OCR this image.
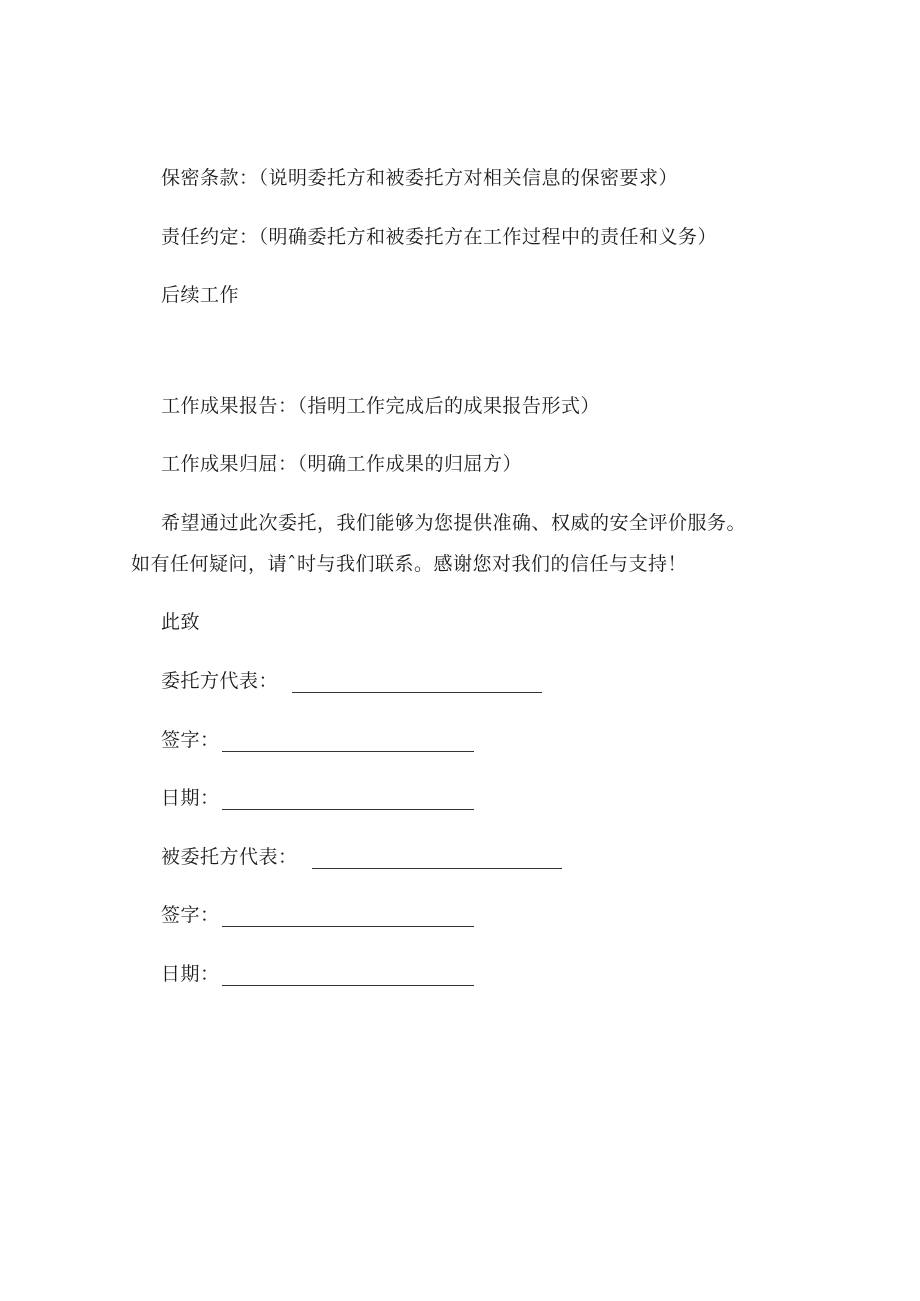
保密条款：（说明委托方和被委托方对相关信息的保密要求）
责任约定：（明确委托方和被委托方在工作过程中的责任和义务）
后续工作
工作成果报告：（指明工作完成后的成果报告形式）
工作成果归屈：（明确工作成果的归屈方）
希望通过此次委托，我们能够为您提供准确、权威的安全评价服务。
如有任何疑问，请ˆ时与我们联系。感谢您对我们的信任与支持！
此致
委托方代表：
签字：
日期：
被委托方代表：
签字：
日期：
